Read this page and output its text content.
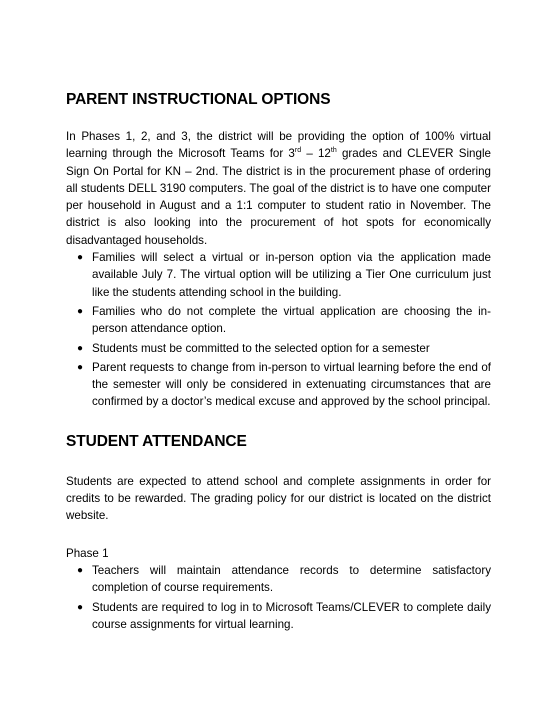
PARENT INSTRUCTIONAL OPTIONS

In Phases 1, 2, and 3, the district will be providing the option of 100% virtual learning through the Microsoft Teams for 3rd – 12th grades and CLEVER Single Sign On Portal for KN – 2nd. The district is in the procurement phase of ordering all students DELL 3190 computers. The goal of the district is to have one computer per household in August and a 1:1 computer to student ratio in November. The district is also looking into the procurement of hot spots for economically disadvantaged households.

● Families will select a virtual or in-person option via the application made available July 7. The virtual option will be utilizing a Tier One curriculum just like the students attending school in the building.
● Families who do not complete the virtual application are choosing the in-person attendance option.
● Students must be committed to the selected option for a semester
● Parent requests to change from in-person to virtual learning before the end of the semester will only be considered in extenuating circumstances that are confirmed by a doctor’s medical excuse and approved by the school principal.
STUDENT ATTENDANCE

Students are expected to attend school and complete assignments in order for credits to be rewarded. The grading policy for our district is located on the district website.

Phase 1
● Teachers will maintain attendance records to determine satisfactory completion of course requirements.
● Students are required to log in to Microsoft Teams/CLEVER to complete daily course assignments for virtual learning.
